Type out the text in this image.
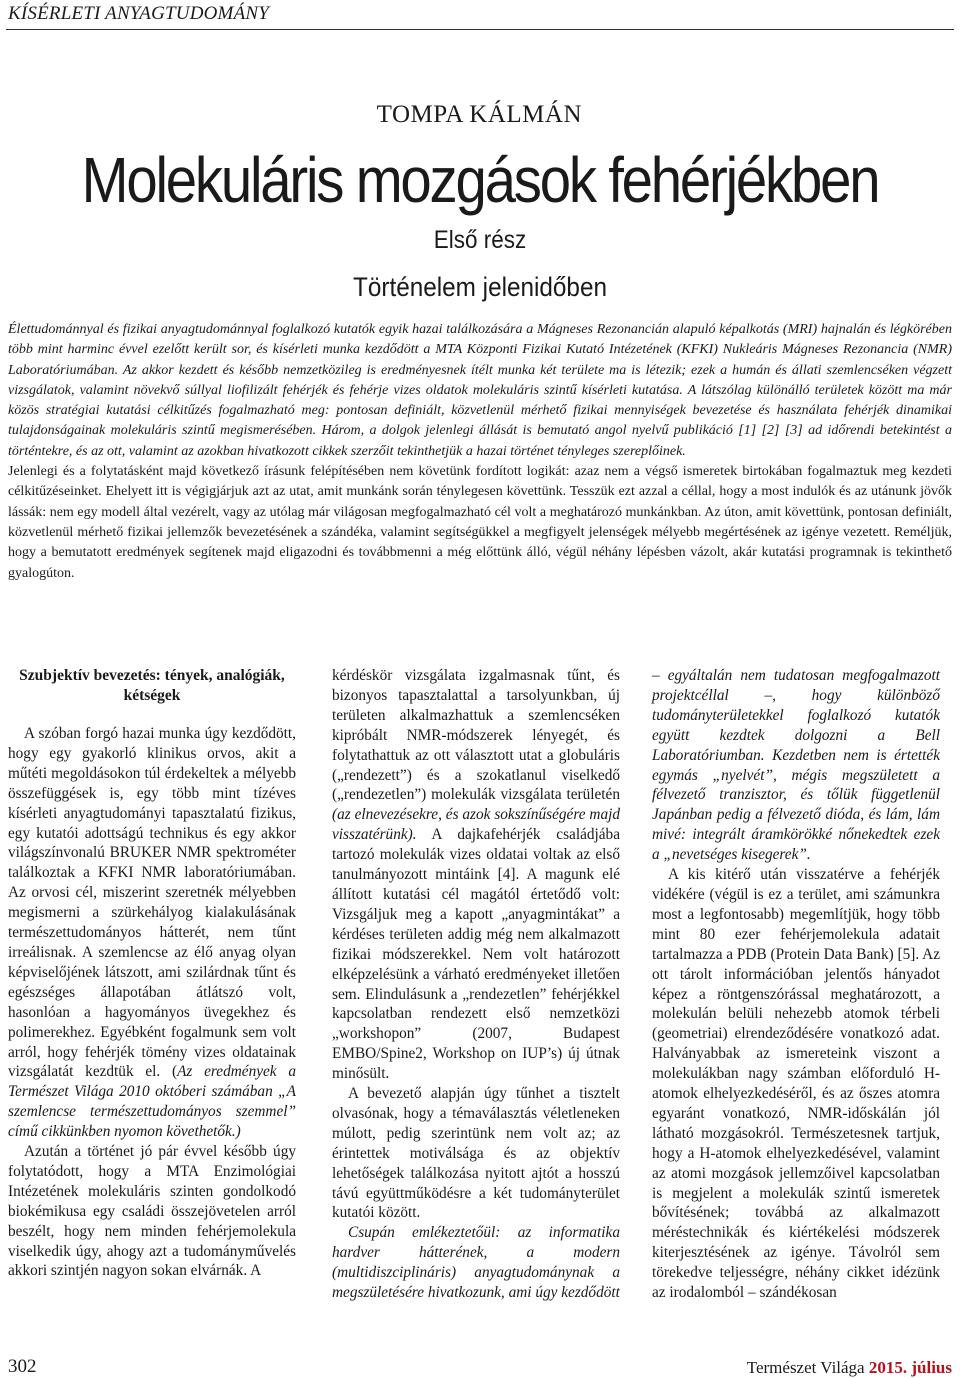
KÍSÉRLETI ANYAGTUDOMÁNY
TOMPA KÁLMÁN
Molekuláris mozgások fehérjékben
Első rész
Történelem jelenidőben

Élettudománnyal és fizikai anyagtudománnyal foglalkozó kutatók egyik hazai találkozására a Mágneses Rezonancián alapuló képalkotás (MRI) hajnalán és légkörében több mint harminc évvel ezelőtt került sor, és kísérleti munka kezdődött a MTA Központi Fizikai Kutató Intézetének (KFKI) Nukleáris Mágneses Rezonancia (NMR) Laboratóriumában. Az akkor kezdett és később nemzetközileg is eredményesnek ítélt munka két területe ma is létezik; ezek a humán és állati szemlencséken végzett vizsgálatok, valamint növekvő súllyal liofilizált fehérjék és fehérje vizes oldatok molekuláris szintű kísérleti kutatása. A látszólag különálló területek között ma már közös stratégiai kutatási célkitűzés fogalmazható meg: pontosan definiált, közvetlenül mérhető fizikai mennyiségek bevezetése és használata fehérjék dinamikai tulajdonságainak molekuláris szintű megismerésében. Három, a dolgok jelenlegi állását is bemutató angol nyelvű publikáció [1] [2] [3] ad időrendi betekintést a történtekre, és az ott, valamint az azokban hivatkozott cikkek szerzőit tekinthetjük a hazai történet tényleges szereplőinek.

Jelenlegi és a folytatásként majd következő írásunk felépítésében nem követünk fordított logikát: azaz nem a végső ismeretek birtokában fogalmaztuk meg kezdeti célkitűzéseinket. Ehelyett itt is végigjárjuk azt az utat, amit munkánk során ténylegesen követtünk. Tesszük ezt azzal a céllal, hogy a most indulók és az utánunk jövők lássák: nem egy modell által vezérelt, vagy az utólag már világosan megfogalmazható cél volt a meghatározó munkánkban. Az úton, amit követtünk, pontosan definiált, közvetlenül mérhető fizikai jellemzők bevezetésének a szándéka, valamint segítségükkel a megfigyelt jelenségek mélyebb megértésének az igénye vezetett. Reméljük, hogy a bemutatott eredmények segítenek majd eligazodni és továbbmenni a még előttünk álló, végül néhány lépésben vázolt, akár kutatási programnak is tekinthető gyalogúton.

Szubjektív bevezetés: tények, analógiák, kétségek

A szóban forgó hazai munka úgy kezdődött, hogy egy gyakorló klinikus orvos, akit a műtéti megoldásokon túl érdekeltek a mélyebb összefüggések is, egy több mint tízéves kísérleti anyagtudományi tapasztalatú fizikus, egy kutatói adottságú technikus és egy akkor világszínvonalú BRUKER NMR spektrométer találkoztak a KFKI NMR laboratóriumában. Az orvosi cél, miszerint szeretnék mélyebben megismerni a szürkehályog kialakulásának természettudományos hátterét, nem tűnt irreálisnak. A szemlencse az élő anyag olyan képviselőjének látszott, ami szilárdnak tűnt és egészséges állapotában átlátszó volt, hasonlóan a hagyományos üvegekhez és polimerekhez. Egyébként fogalmunk sem volt arról, hogy fehérjék tömény vizes oldatainak vizsgálatát kezdtük el. (Az eredmények a Természet Világa 2010 októberi számában „A szemlencse természettudományos szemmel” című cikkünkben nyomon követhetők.)

Azután a történet jó pár évvel később úgy folytatódott, hogy a MTA Enzimológiai Intézetének molekuláris szinten gondolkodó biokémikusa egy családi összejövetelen arról beszélt, hogy nem minden fehérjemolekula viselkedik úgy, ahogy azt a tudományművelés akkori szintjén nagyon sokan elvárnák. A

kérdéskör vizsgálata izgalmasnak tűnt, és bizonyos tapasztalattal a tarsolyunkban, új területen alkalmazhattuk a szemlencséken kipróbált NMR-módszerek lényegét, és folytathattuk az ott választott utat a globuláris („rendezett”) és a szokatlanul viselkedő („rendezetlen”) molekulák vizsgálata területén (az elnevezésekre, és azok sokszínűségére majd visszatérünk). A dajkafehérjék családjába tartozó molekulák vizes oldatai voltak az első tanulmányozott mintáink [4]. A magunk elé állított kutatási cél magától értetődő volt: Vizsgáljuk meg a kapott „anyagmintákat” a kérdéses területen addig még nem alkalmazott fizikai módszerekkel. Nem volt határozott elképzelésünk a várható eredményeket illetően sem. Elindulásunk a „rendezetlen” fehérjékkel kapcsolatban rendezett első nemzetközi „workshopon” (2007, Budapest EMBO/Spine2, Workshop on IUP’s) új útnak minősült.

A bevezető alapján úgy tűnhet a tisztelt olvasónak, hogy a témaválasztás véletleneken múlott, pedig szerintünk nem volt az; az érintettek motiválsága és az objektív lehetőségek találkozása nyitott ajtót a hosszú távú együttműködésre a két tudományterület kutatói között.

Csupán emlékeztetőül: az informatika hardver hátterének, a modern (multidiszciplináris) anyagtudománynak a megszületésére hivatkozunk, ami úgy kezdődött

– egyáltalán nem tudatosan megfogalmazott projektcéllal –, hogy különböző tudományterületekkel foglalkozó kutatók együtt kezdtek dolgozni a Bell Laboratóriumban. Kezdetben nem is értették egymás „nyelvét”, mégis megszületett a félvezető tranzisztor, és tőlük függetlenül Japánban pedig a félvezető dióda, és lám, lám mivé: integrált áramkörökké nőnekedtek ezek a „nevetséges kisegerek”.

A kis kitérő után visszatérve a fehérjék vidékére (végül is ez a terület, ami számunkra most a legfontosabb) megemlítjük, hogy több mint 80 ezer fehérjemolekula adatait tartalmazza a PDB (Protein Data Bank) [5]. Az ott tárolt információban jelentős hányadot képez a röntgenszórással meghatározott, a molekulán belüli nehezebb atomok térbeli (geometriai) elrendeződésére vonatkozó adat. Halványabbak az ismereteink viszont a molekulákban nagy számban előforduló H-atomok elhelyezkedéséről, és az őszes atomra egyaránt vonatkozó, NMR-időskálán jól látható mozgásokról. Természetesnek tartjuk, hogy a H-atomok elhelyezkedésével, valamint az atomi mozgások jellemzőivel kapcsolatban is megjelent a molekulák szintű ismeretek bővítésének; továbbá az alkalmazott méréstechnikák és kiértékelési módszerek kiterjesztésének az igénye. Távolról sem törekedve teljességre, néhány cikket idézünk az irodalomból – szándékosan

302	Természet Világa 2015. július
